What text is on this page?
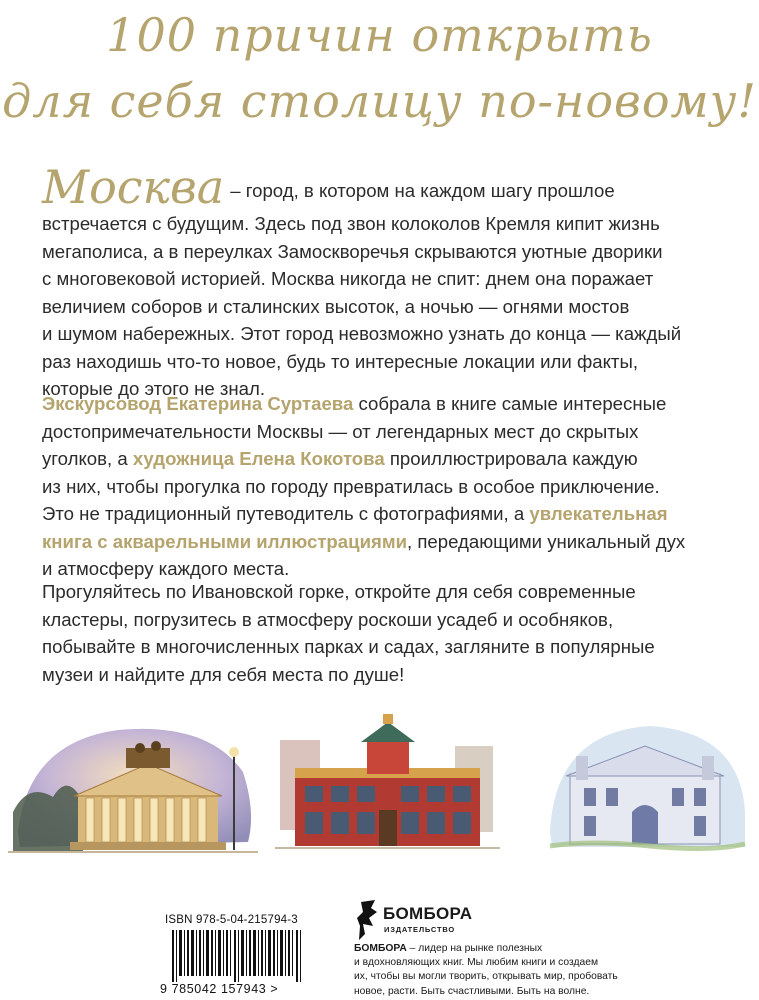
100 причин открыть
для себя столицу по-новому!
Москва – город, в котором на каждом шагу прошлое
встречается с будущим. Здесь под звон колоколов Кремля кипит жизнь
мегаполиса, а в переулках Замоскворечья скрываются уютные дворики
с многовековой историей. Москва никогда не спит: днем она поражает
величием соборов и сталинских высоток, а ночью — огнями мостов
и шумом набережных. Этот город невозможно узнать до конца — каждый
раз находишь что-то новое, будь то интересные локации или факты,
которые до этого не знал.
Экскурсовод Екатерина Суртаева собрала в книге самые интересные
достопримечательности Москвы — от легендарных мест до скрытых
уголков, а художница Елена Кокотова проиллюстрировала каждую
из них, чтобы прогулка по городу превратилась в особое приключение.
Это не традиционный путеводитель с фотографиями, а увлекательная
книга с акварельными иллюстрациями, передающими уникальный дух
и атмосферу каждого места.
Прогуляйтесь по Ивановской горке, откройте для себя современные
кластеры, погрузитесь в атмосферу роскоши усадеб и особняков,
побывайте в многочисленных парках и садах, загляните в популярные
музеи и найдите для себя места по душе!
ISBN 978-5-04-215794-3
9 785042 157943 >
БОМБОРА
ИЗДАТЕЛЬСТВО
БОМБОРА – лидер на рынке полезных
и вдохновляющих книг. Мы любим книги и создаем
их, чтобы вы могли творить, открывать мир, пробовать
новое, расти. Быть счастливыми. Быть на волне.
